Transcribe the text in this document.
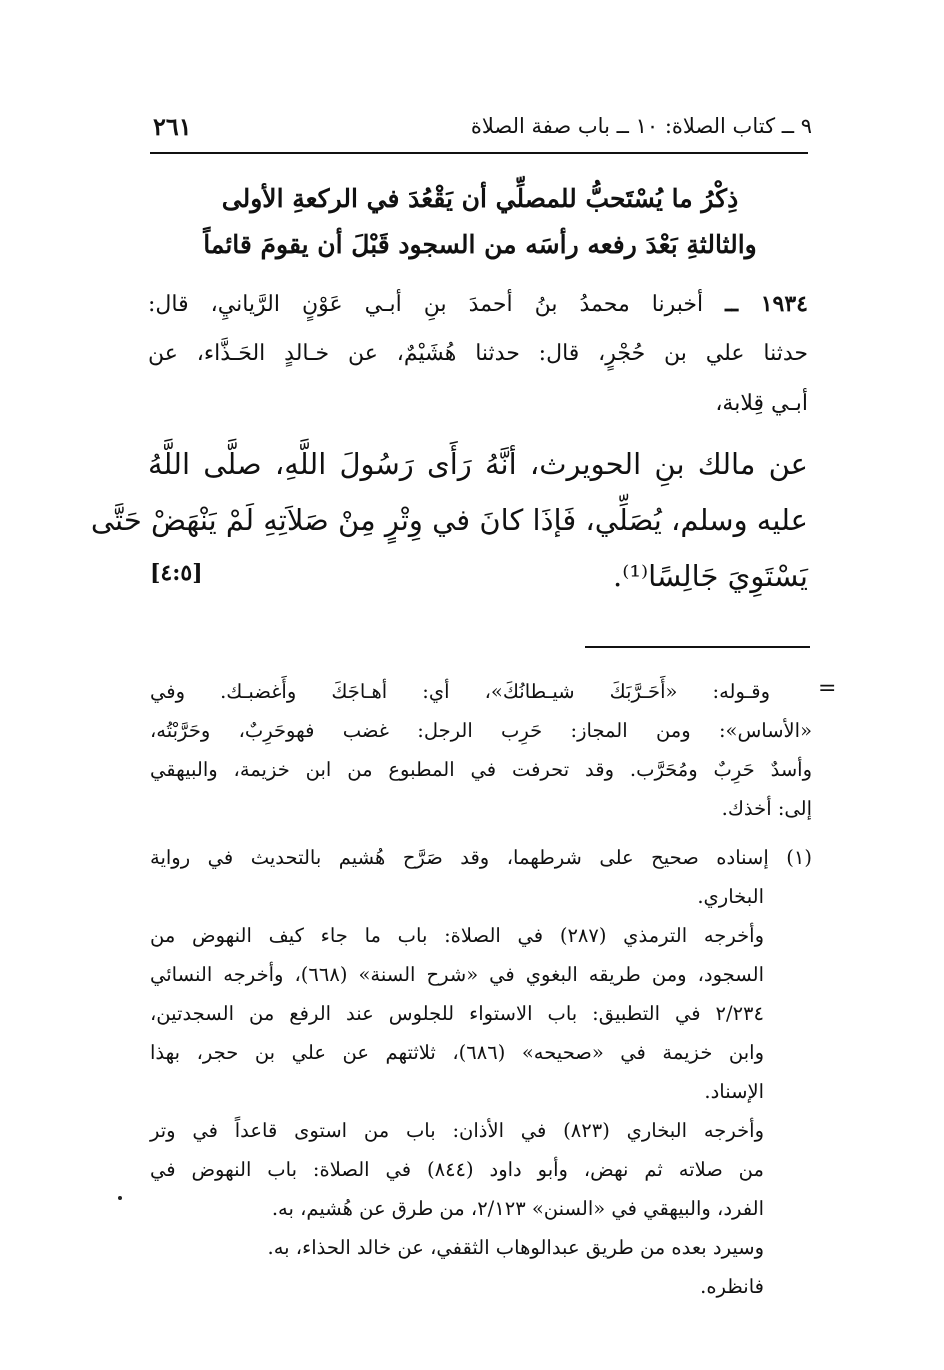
٩ ــ كتاب الصلاة: ١٠ ــ باب صفة الصلاة
٢٦١
ذِكْرُ ما يُسْتَحبُّ للمصلِّي أن يَقْعُدَ في الركعةِ الأولى
والثالثةِ بَعْدَ رفعه رأسَه من السجود قَبْلَ أن يقومَ قائماً
١٩٣٤ ــ أخبرنا محمدُ بنُ أحمدَ بنِ أبـي عَوْنٍ الرَّيانيِ، قال:
حدثنا علي بن حُجْرٍ، قال: حدثنا هُشَيْمٌ، عن خـالدٍ الحَـذَّاء، عن
أبـي قِلابة،
عن مالك بنِ الحويرث، أنَّهُ رَأَى رَسُولَ اللَّهِ، صلَّى اللَّهُ
عليه وسلم، يُصَلِّي، فَإذَا كانَ في وِتْرٍ مِنْ صَلاَتِهِ لَمْ يَنْهَضْ حَتَّى
يَسْتَوِيَ جَالِسًا⁽¹⁾.
[٤:٥]
=
وقـوله: «أَحَـرَّبَكَ شيـطانُكَ»، أي: أهـاجَكَ وأَغضبـك. وفي
«الأساس»: ومن المجاز: حَرِب الرجل: غضب فهوحَرِبٌ، وحَرَّبْتُه،
وأسدٌ حَرِبٌ ومُحَرَّب. وقد تحرفت في المطبوع من ابن خزيمة، والبيهقي
إلى: أخذك.
(١) إسناده صحيح على شرطهما، وقد صَرَّح هُشيم بالتحديث في رواية
البخاري.
وأخرجه الترمذي (٢٨٧) في الصلاة: باب ما جاء كيف النهوض من
السجود، ومن طريقه البغوي في «شرح السنة» (٦٦٨)، وأخرجه النسائي
٢/٢٣٤ في التطبيق: باب الاستواء للجلوس عند الرفع من السجدتين،
وابن خزيمة في «صحيحه» (٦٨٦)، ثلاثتهم عن علي بن حجر، بهذا
الإسناد.
وأخرجه البخاري (٨٢٣) في الأذان: باب من استوى قاعداً في وتر
من صلاته ثم نهض، وأبو داود (٨٤٤) في الصلاة: باب النهوض في
الفرد، والبيهقي في «السنن» ٢/١٢٣، من طرق عن هُشيم، به.
وسيرد بعده من طريق عبدالوهاب الثقفي، عن خالد الحذاء، به.
فانظره.
